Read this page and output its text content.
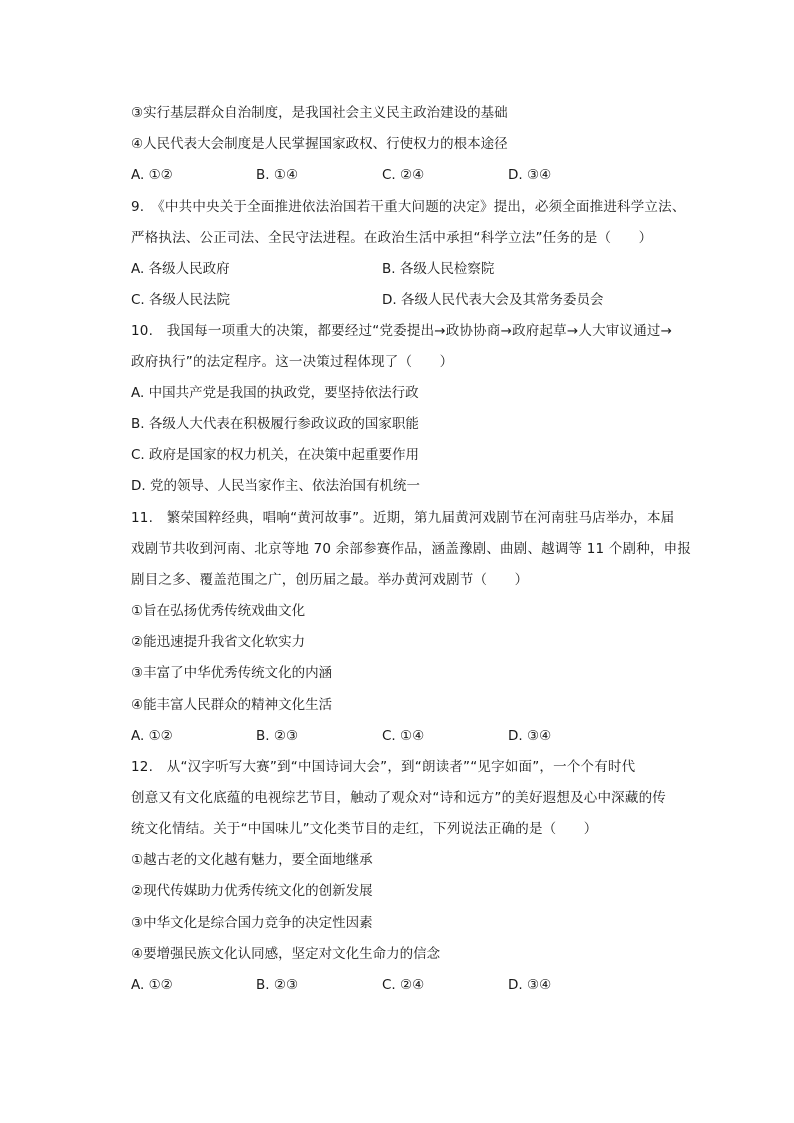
③实行基层群众自治制度，是我国社会主义民主政治建设的基础
④人民代表大会制度是人民掌握国家政权、行使权力的根本途径
A. ①②	B. ①④	C. ②④	D. ③④
9.　《中共中央关于全面推进依法治国若干重大问题的决定》提出，必须全面推进科学立法、
严格执法、公正司法、全民守法进程。在政治生活中承担“科学立法”任务的是（　　）
A. 各级人民政府	B. 各级人民检察院
C. 各级人民法院	D. 各级人民代表大会及其常务委员会
10.　我国每一项重大的决策，都要经过“党委提出→政协协商→政府起草→人大审议通过→
政府执行”的法定程序。这一决策过程体现了（　　）
A. 中国共产党是我国的执政党，要坚持依法行政
B. 各级人大代表在积极履行参政议政的国家职能
C. 政府是国家的权力机关，在决策中起重要作用
D. 党的领导、人民当家作主、依法治国有机统一
11.　繁荣国粹经典，唱响“黄河故事”。近期，第九届黄河戏剧节在河南驻马店举办，本届
戏剧节共收到河南、北京等地 70 余部参赛作品，涵盖豫剧、曲剧、越调等 11 个剧种，申报
剧目之多、覆盖范围之广，创历届之最。举办黄河戏剧节（　　）
①旨在弘扬优秀传统戏曲文化
②能迅速提升我省文化软实力
③丰富了中华优秀传统文化的内涵
④能丰富人民群众的精神文化生活
A. ①②	B. ②③	C. ①④	D. ③④
12.　从“汉字听写大赛”到“中国诗词大会”，到“朗读者”“见字如面”，一个个有时代
创意又有文化底蕴的电视综艺节目，触动了观众对“诗和远方”的美好遐想及心中深藏的传
统文化情结。关于“中国味儿”文化类节目的走红，下列说法正确的是（　　）
①越古老的文化越有魅力，要全面地继承
②现代传媒助力优秀传统文化的创新发展
③中华文化是综合国力竞争的决定性因素
④要增强民族文化认同感，坚定对文化生命力的信念
A. ①②	B. ②③	C. ②④	D. ③④
